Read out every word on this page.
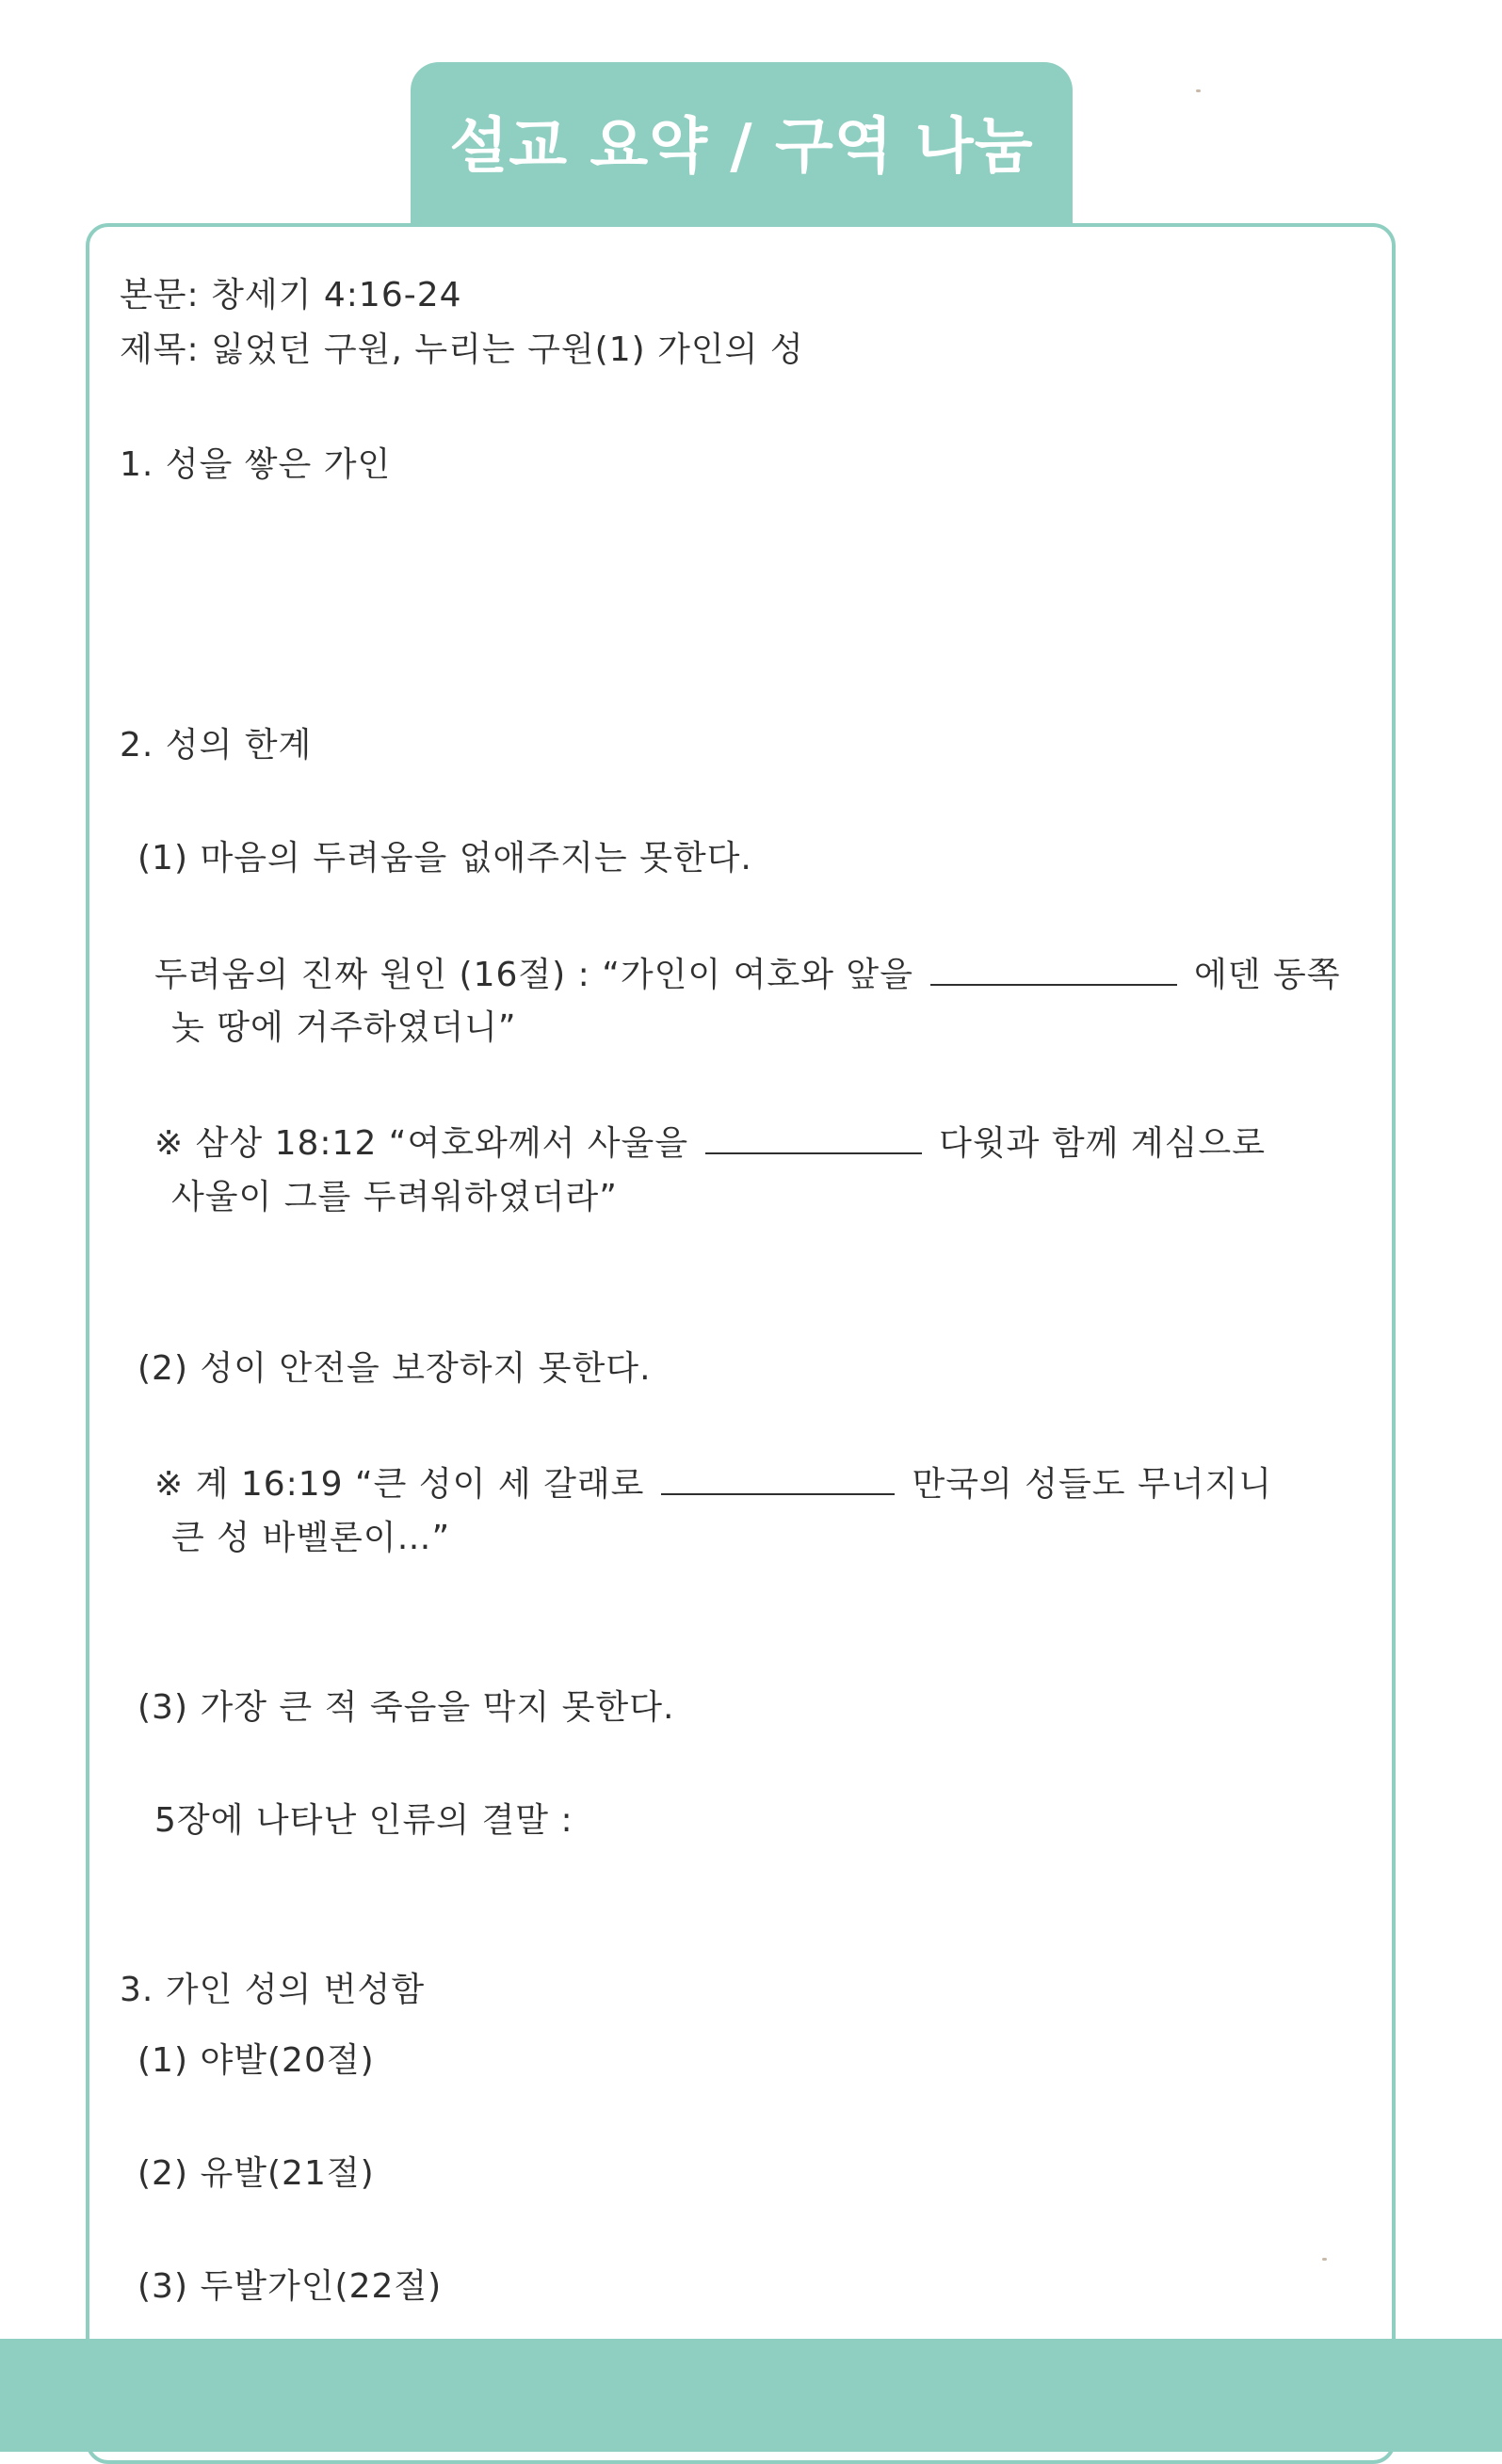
설교 요약 / 구역 나눔
본문: 창세기 4:16-24
제목: 잃었던 구원, 누리는 구원(1) 가인의 성
1. 성을 쌓은 가인
2. 성의 한계
(1) 마음의 두려움을 없애주지는 못한다.
두려움의 진짜 원인 (16절) : “가인이 여호와 앞을	에덴 동쪽
놋 땅에 거주하였더니”
※ 삼상 18:12 “여호와께서 사울을	다윗과 함께 계심으로
사울이 그를 두려워하였더라”
(2) 성이 안전을 보장하지 못한다.
※ 계 16:19 “큰 성이 세 갈래로	만국의 성들도 무너지니
큰 성 바벨론이…”
(3) 가장 큰 적 죽음을 막지 못한다.
5장에 나타난 인류의 결말 :
3. 가인 성의 번성함
(1) 야발(20절)
(2) 유발(21절)
(3) 두발가인(22절)
